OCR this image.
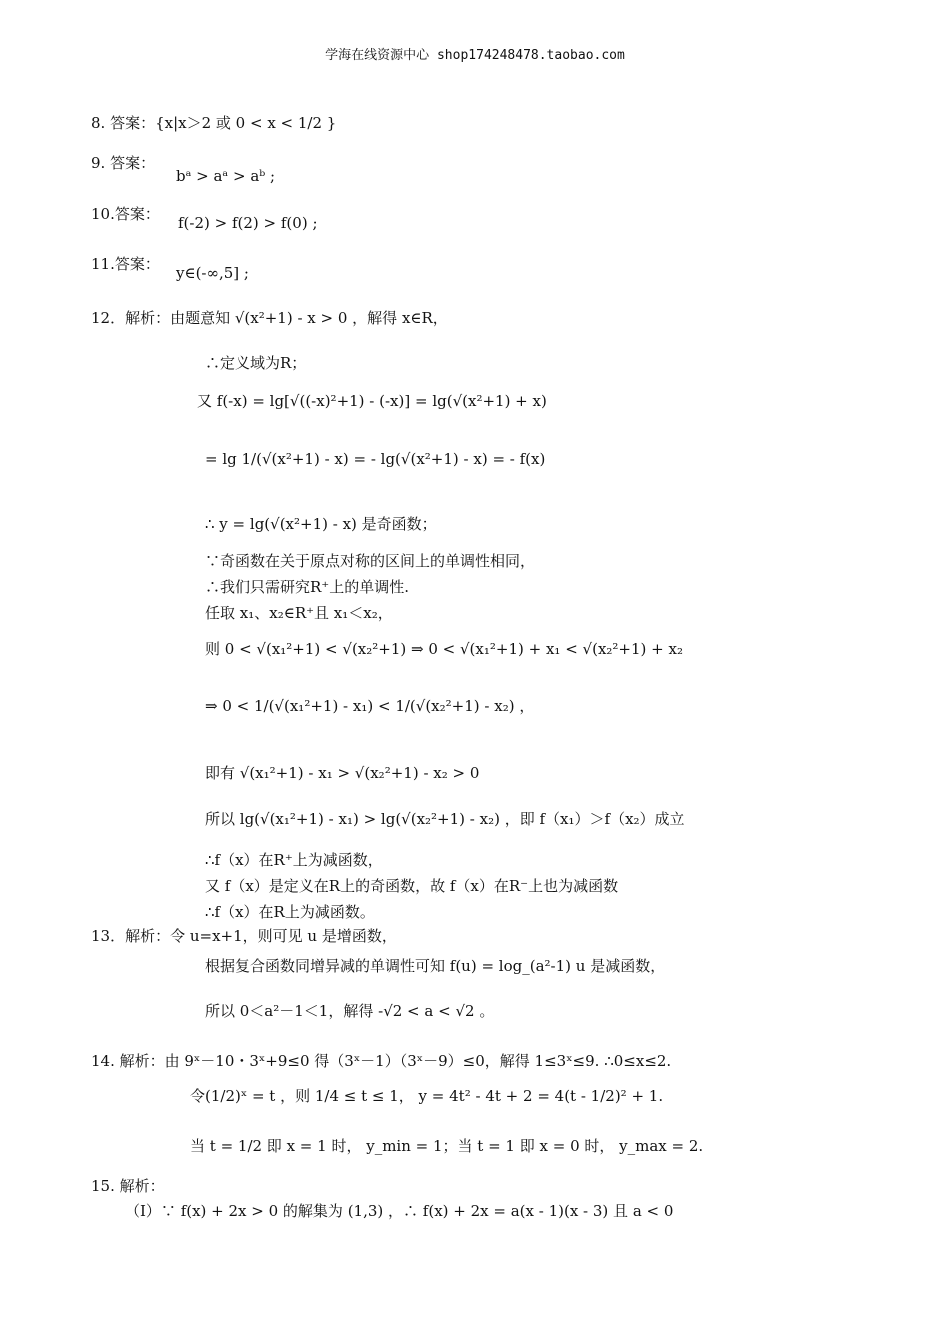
学海在线资源中心 shop174248478.taobao.com
8. 答案：{x|x＞2 或 0 < x < 1/2 }
9. 答案：
bᵃ > aᵃ > aᵇ ;
10.答案： f(-2) > f(2) > f(0) ;
11.答案： y∈(-∞,5] ;
12．解析：由题意知 √(x²+1) - x > 0 ，解得 x∈R，
∴定义域为R；
又 f(-x) = lg[√((-x)²+1) - (-x)] = lg(√(x²+1) + x)
= lg 1/(√(x²+1) - x) = - lg(√(x²+1) - x) = - f(x)
∴ y = lg(√(x²+1) - x) 是奇函数；
∵奇函数在关于原点对称的区间上的单调性相同，
∴我们只需研究R⁺上的单调性.
任取 x₁、x₂∈R⁺且 x₁＜x₂，
则 0 < √(x₁²+1) < √(x₂²+1) ⇒ 0 < √(x₁²+1) + x₁ < √(x₂²+1) + x₂
⇒ 0 < 1/(√(x₁²+1) - x₁) < 1/(√(x₂²+1) - x₂) ，
即有 √(x₁²+1) - x₁ > √(x₂²+1) - x₂ > 0
所以 lg(√(x₁²+1) - x₁) > lg(√(x₂²+1) - x₂) ，即 f（x₁）＞f（x₂）成立
∴f（x）在R⁺上为减函数，
又 f（x）是定义在R上的奇函数，故 f（x）在R⁻上也为减函数
∴f（x）在R上为减函数。
13．解析：令 u=x+1，则可见 u 是增函数，
根据复合函数同增异减的单调性可知 f(u) = log_(a²-1) u 是减函数，
所以 0＜a²－1＜1，解得 -√2 < a < √2 。
14. 解析：由 9ˣ－10・3ˣ+9≤0 得（3ˣ－1）（3ˣ－9）≤0，解得 1≤3ˣ≤9. ∴0≤x≤2.
令(1/2)ˣ = t ，则 1/4 ≤ t ≤ 1， y = 4t² - 4t + 2 = 4(t - 1/2)² + 1.
当 t = 1/2 即 x = 1 时， y_min = 1；当 t = 1 即 x = 0 时， y_max = 2.
15. 解析：
（Ⅰ）∵ f(x) + 2x > 0 的解集为 (1,3) ，∴ f(x) + 2x = a(x - 1)(x - 3) 且 a < 0
